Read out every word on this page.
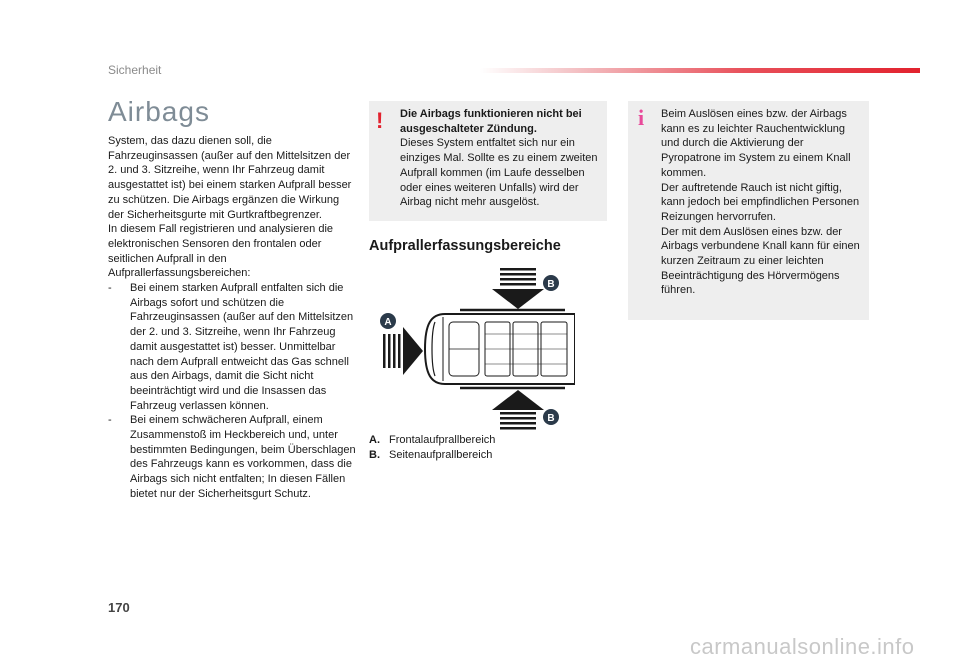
Sicherheit
Airbags

System, das dazu dienen soll, die Fahrzeuginsassen (außer auf den Mittelsitzen der 2. und 3. Sitzreihe, wenn Ihr Fahrzeug damit ausgestattet ist) bei einem starken Aufprall besser zu schützen. Die Airbags ergänzen die Wirkung der Sicherheitsgurte mit Gurtkraftbegrenzer.

In diesem Fall registrieren und analysieren die elektronischen Sensoren den frontalen oder seitlichen Aufprall in den Aufprallerfassungsbereichen:

-	Bei einem starken Aufprall entfalten sich die Airbags sofort und schützen die Fahrzeuginsassen (außer auf den Mittelsitzen der 2. und 3. Sitzreihe, wenn Ihr Fahrzeug damit ausgestattet ist) besser. Unmittelbar nach dem Aufprall entweicht das Gas schnell aus den Airbags, damit die Sicht nicht beeinträchtigt wird und die Insassen das Fahrzeug verlassen können.
-	Bei einem schwächeren Aufprall, einem Zusammenstoß im Heckbereich und, unter bestimmten Bedingungen, beim Überschlagen des Fahrzeugs kann es vorkommen, dass die Airbags sich nicht entfalten; In diesen Fällen bietet nur der Sicherheitsgurt Schutz.
! Die Airbags funktionieren nicht bei ausgeschalteter Zündung.
Dieses System entfaltet sich nur ein einziges Mal. Sollte es zu einem zweiten Aufprall kommen (im Laufe desselben oder eines weiteren Unfalls) wird der Airbag nicht mehr ausgelöst.
i Beim Auslösen eines bzw. der Airbags kann es zu leichter Rauchentwicklung und durch die Aktivierung der Pyropatrone im System zu einem Knall kommen.
Der auftretende Rauch ist nicht giftig, kann jedoch bei empfindlichen Personen Reizungen hervorrufen.
Der mit dem Auslösen eines bzw. der Airbags verbundene Knall kann für einen kurzen Zeitraum zu einer leichten Beeinträchtigung des Hörvermögens führen.
Aufprallerfassungsbereiche
B
A
B
A. Frontalaufprallbereich
B. Seitenaufprallbereich
170
carmanualsonline.info
